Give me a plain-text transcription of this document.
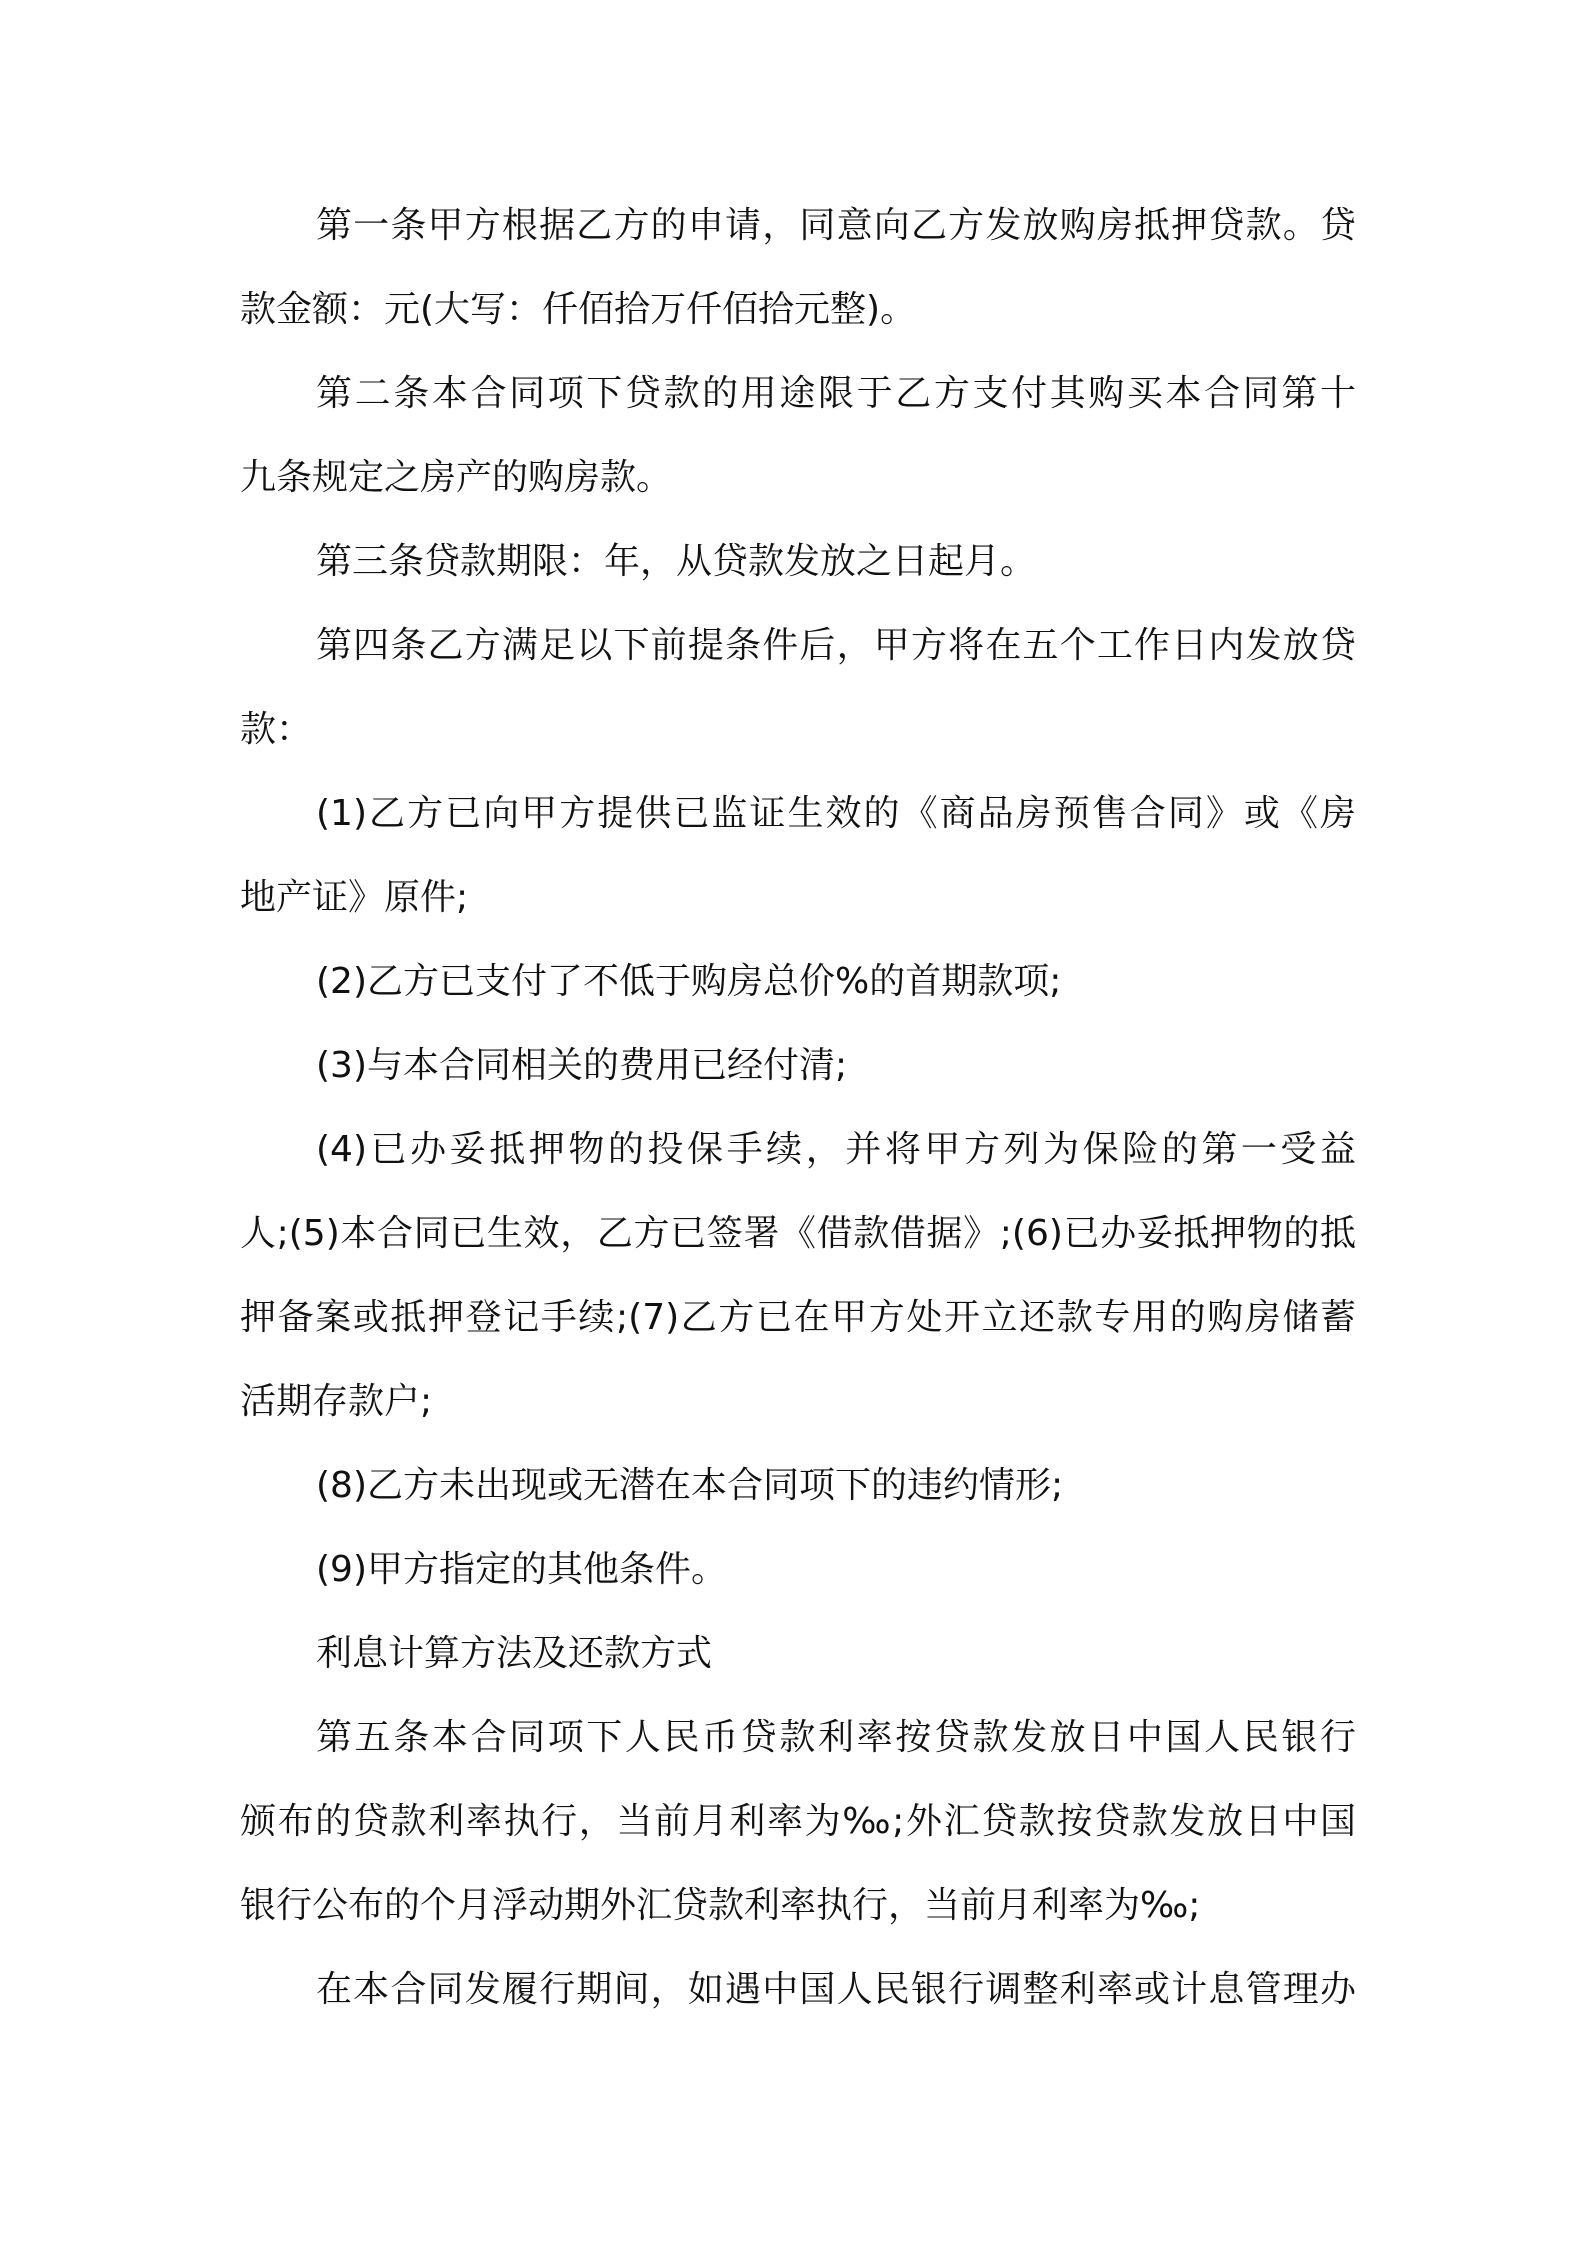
第一条甲方根据乙方的申请，同意向乙方发放购房抵押贷款。贷
款金额：元(大写：仟佰拾万仟佰拾元整)。
第二条本合同项下贷款的用途限于乙方支付其购买本合同第十
九条规定之房产的购房款。
第三条贷款期限：年，从贷款发放之日起月。
第四条乙方满足以下前提条件后，甲方将在五个工作日内发放贷
款：
(1)乙方已向甲方提供已监证生效的《商品房预售合同》或《房
地产证》原件;
(2)乙方已支付了不低于购房总价%的首期款项;
(3)与本合同相关的费用已经付清;
(4)已办妥抵押物的投保手续，并将甲方列为保险的第一受益
人;(5)本合同已生效，乙方已签署《借款借据》;(6)已办妥抵押物的抵
押备案或抵押登记手续;(7)乙方已在甲方处开立还款专用的购房储蓄
活期存款户;
(8)乙方未出现或无潜在本合同项下的违约情形;
(9)甲方指定的其他条件。
利息计算方法及还款方式
第五条本合同项下人民币贷款利率按贷款发放日中国人民银行
颁布的贷款利率执行，当前月利率为‰;外汇贷款按贷款发放日中国
银行公布的个月浮动期外汇贷款利率执行，当前月利率为‰;
在本合同发履行期间，如遇中国人民银行调整利率或计息管理办
